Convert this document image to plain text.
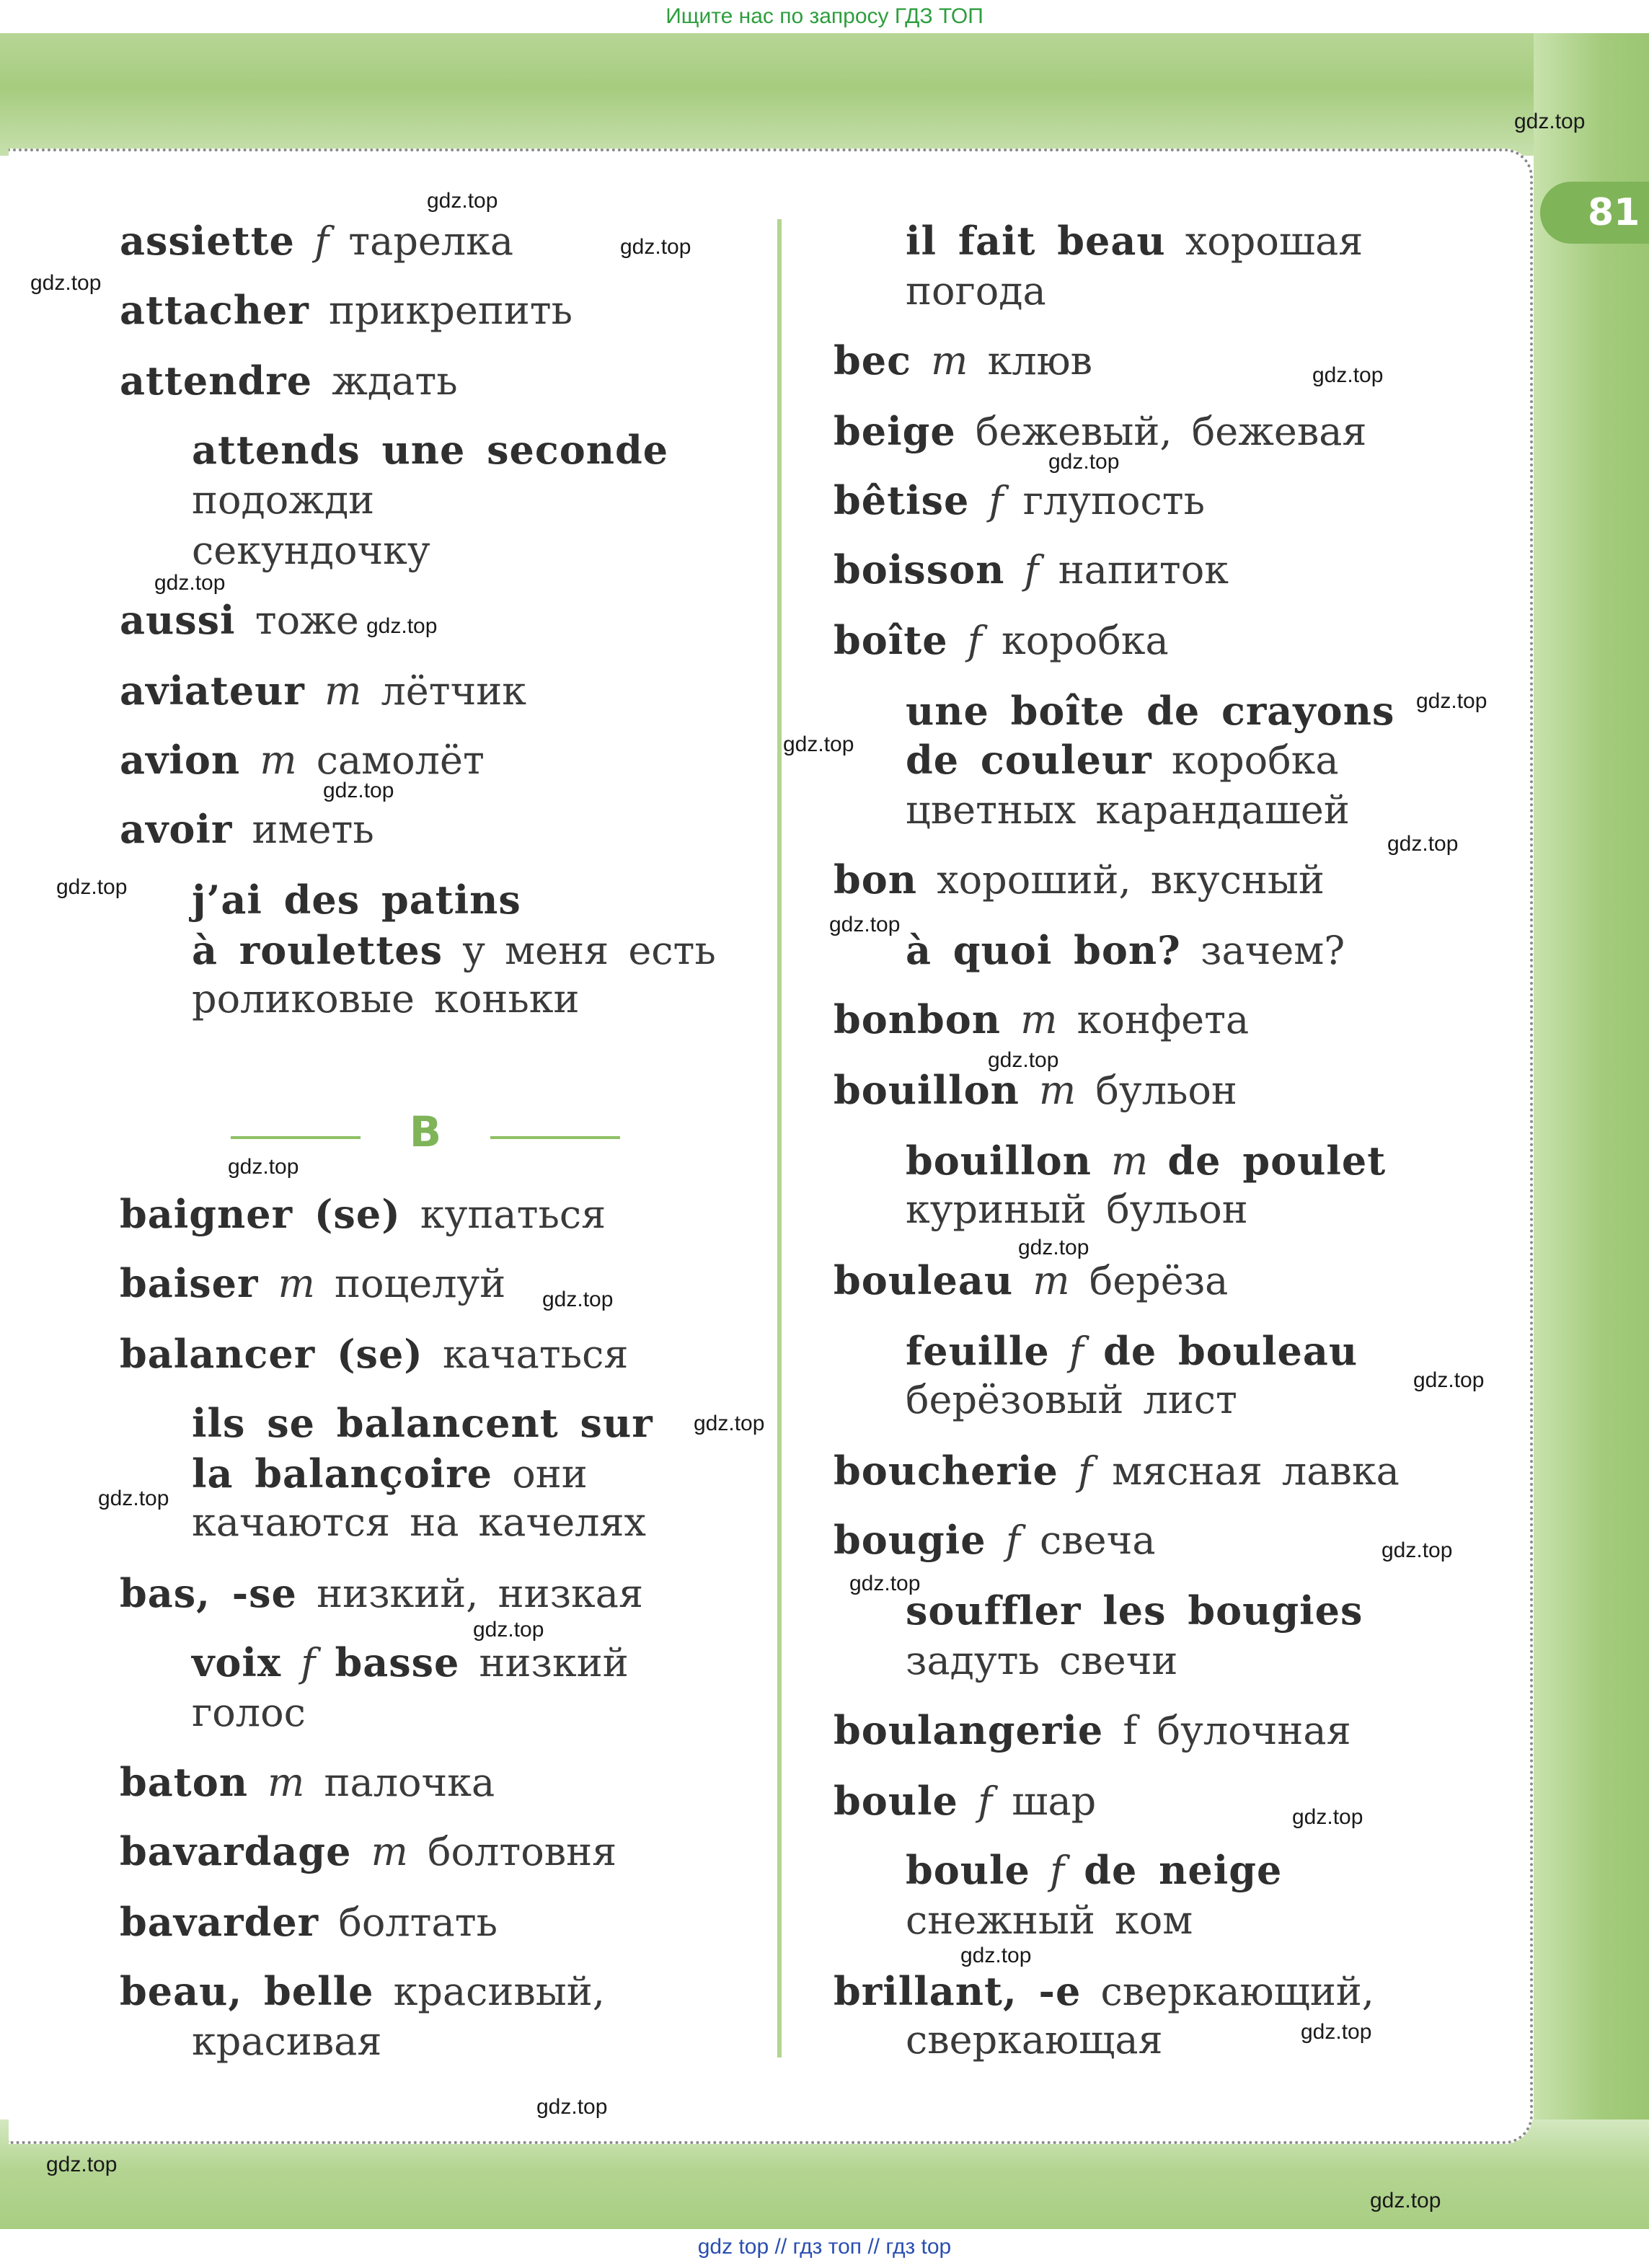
Ищите нас по запросу ГДЗ ТОП
81
assiette f тарелка
attacher прикрепить
attendre ждать
attends une seconde
подожди
секундочку
aussi тоже
aviateur m лётчик
avion m самолёт
avoir иметь
j’ai des patins
à roulettes у меня есть
роликовые коньки
B
baigner (se) купаться
baiser m поцелуй
balancer (se) качаться
ils se balancent sur
la balançoire они
качаются на качелях
bas, -se низкий, низкая
voix f basse низкий
голос
baton m палочка
bavardage m болтовня
bavarder болтать
beau, belle красивый,
красивая
il fait beau хорошая
погода
bec m клюв
beige бежевый, бежевая
bêtise f глупость
boisson f напиток
boîte f коробка
une boîte de crayons
de couleur коробка
цветных карандашей
bon хороший, вкусный
à quoi bon? зачем?
bonbon m конфета
bouillon m бульон
bouillon m de poulet
куриный бульон
bouleau m берёза
feuille f de bouleau
берёзовый лист
boucherie f мясная лавка
bougie f свеча
souffler les bougies
задуть свечи
boulangerie f булочная
boule f шар
boule f de neige
снежный ком
brillant, -e сверкающий,
сверкающая
gdz.top
gdz.top
gdz.top
gdz.top
gdz.top
gdz.top
gdz.top
gdz.top
gdz.top
gdz.top
gdz.top
gdz.top
gdz.top
gdz.top
gdz.top
gdz.top
gdz.top
gdz.top
gdz.top
gdz.top
gdz.top
gdz.top
gdz.top
gdz.top
gdz.top
gdz.top
gdz.top
gdz.top
gdz.top
gdz.top
gdz top // гдз топ // гдз top
